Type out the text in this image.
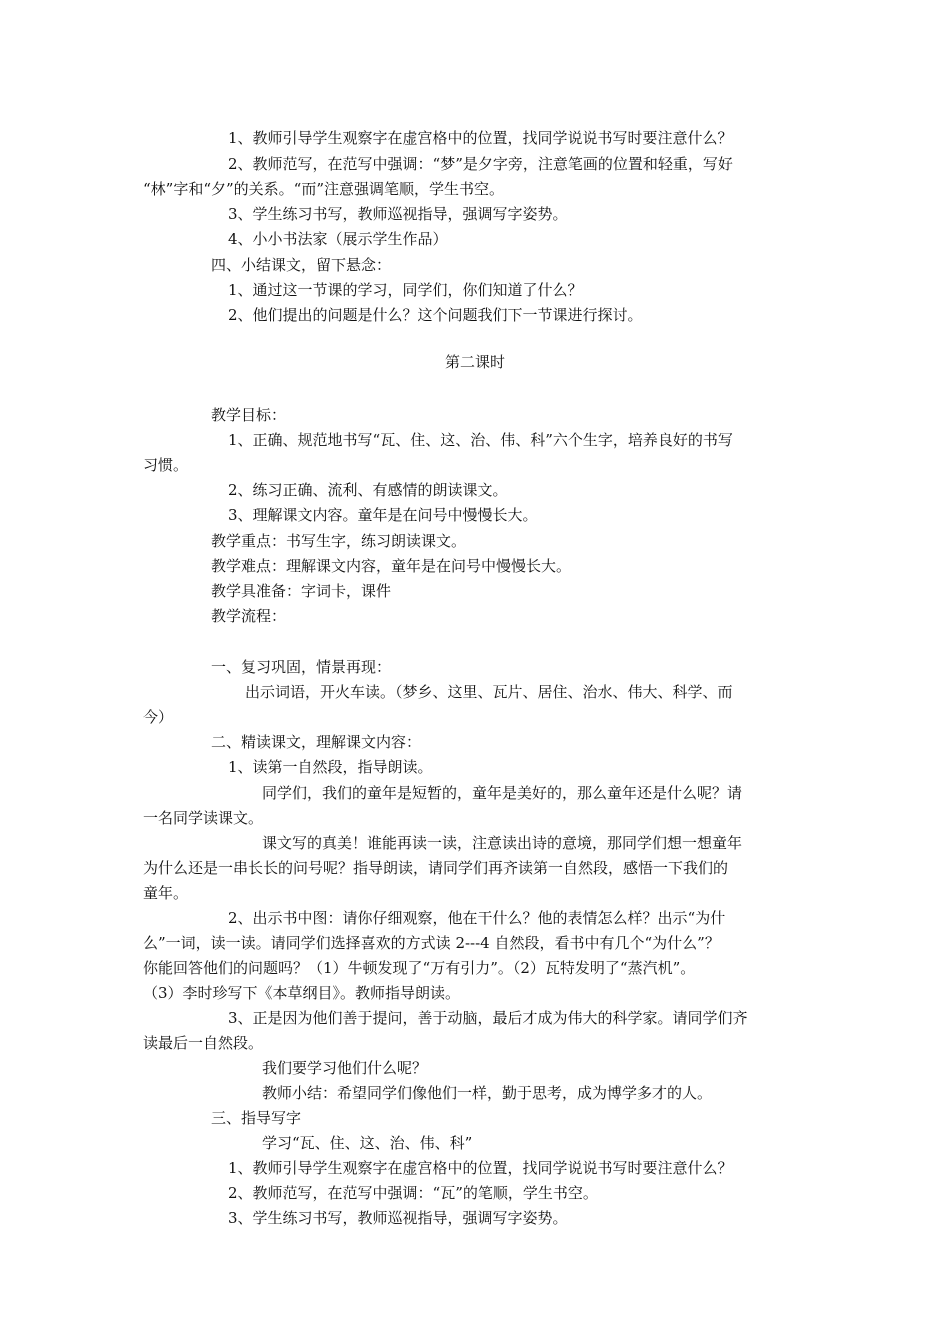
1、教师引导学生观察字在虚宫格中的位置，找同学说说书写时要注意什么？
2、教师范写，在范写中强调：“梦”是夕字旁，注意笔画的位置和轻重，写好
“林”字和“夕”的关系。“而”注意强调笔顺，学生书空。
3、学生练习书写，教师巡视指导，强调写字姿势。
4、小小书法家（展示学生作品）
四、小结课文，留下悬念：
1、通过这一节课的学习，同学们，你们知道了什么？
2、他们提出的问题是什么？这个问题我们下一节课进行探讨。
第二课时
教学目标：
1、正确、规范地书写“瓦、住、这、治、伟、科”六个生字，培养良好的书写
习惯。
2、练习正确、流利、有感情的朗读课文。
3、理解课文内容。童年是在问号中慢慢长大。
教学重点：书写生字，练习朗读课文。
教学难点：理解课文内容，童年是在问号中慢慢长大。
教学具准备：字词卡，课件
教学流程：
一、复习巩固，情景再现：
出示词语，开火车读。（梦乡、这里、瓦片、居住、治水、伟大、科学、而
今）
二、精读课文，理解课文内容：
1、读第一自然段，指导朗读。
同学们，我们的童年是短暂的，童年是美好的，那么童年还是什么呢？请
一名同学读课文。
课文写的真美！谁能再读一读，注意读出诗的意境，那同学们想一想童年
为什么还是一串长长的问号呢？指导朗读，请同学们再齐读第一自然段，感悟一下我们的
童年。
2、出示书中图：请你仔细观察，他在干什么？他的表情怎么样？出示“为什
么”一词，读一读。请同学们选择喜欢的方式读 2---4 自然段，看书中有几个“为什么”？
你能回答他们的问题吗？（1）牛顿发现了“万有引力”。（2）瓦特发明了“蒸汽机”。
（3）李时珍写下《本草纲目》。教师指导朗读。
3、正是因为他们善于提问，善于动脑，最后才成为伟大的科学家。请同学们齐
读最后一自然段。
我们要学习他们什么呢？
教师小结：希望同学们像他们一样，勤于思考，成为博学多才的人。
三、指导写字
学习“瓦、住、这、治、伟、科”
1、教师引导学生观察字在虚宫格中的位置，找同学说说书写时要注意什么？
2、教师范写，在范写中强调：“瓦”的笔顺，学生书空。
3、学生练习书写，教师巡视指导，强调写字姿势。
